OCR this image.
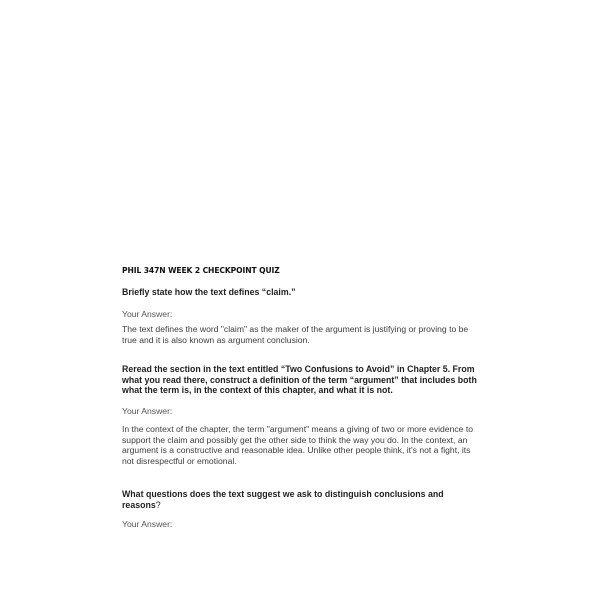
PHIL 347N WEEK 2 CHECKPOINT QUIZ

Briefly state how the text defines “claim.”

Your Answer:

The text defines the word "claim" as the maker of the argument is justifying or proving to be true and it is also known as argument conclusion.

Reread the section in the text entitled “Two Confusions to Avoid” in Chapter 5. From what you read there, construct a definition of the term “argument” that includes both what the term is, in the context of this chapter, and what it is not.

Your Answer:

In the context of the chapter, the term "argument" means a giving of two or more evidence to support the claim and possibly get the other side to think the way you do. In the context, an argument is a constructive and reasonable idea. Unlike other people think, it's not a fight, its not disrespectful or emotional.

What questions does the text suggest we ask to distinguish conclusions and reasons?

Your Answer:
